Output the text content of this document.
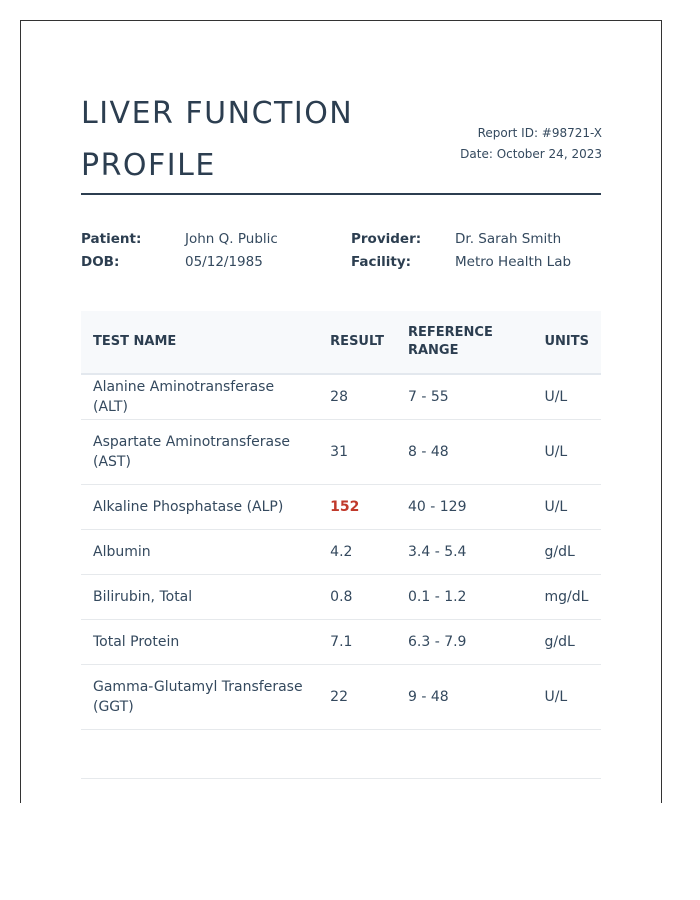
LIVER FUNCTION
PROFILE
Report ID: #98721-X
Date: October 24, 2023
Patient:	John Q. Public
DOB:	05/12/1985
Provider:	Dr. Sarah Smith
Facility:	Metro Health Lab
TEST NAME	RESULT	REFERENCE RANGE	UNITS
Alanine Aminotransferase (ALT)	28	7 - 55	U/L
Aspartate Aminotransferase (AST)	31	8 - 48	U/L
Alkaline Phosphatase (ALP)	152	40 - 129	U/L
Albumin	4.2	3.4 - 5.4	g/dL
Bilirubin, Total	0.8	0.1 - 1.2	mg/dL
Total Protein	7.1	6.3 - 7.9	g/dL
Gamma-Glutamyl Transferase (GGT)	22	9 - 48	U/L
